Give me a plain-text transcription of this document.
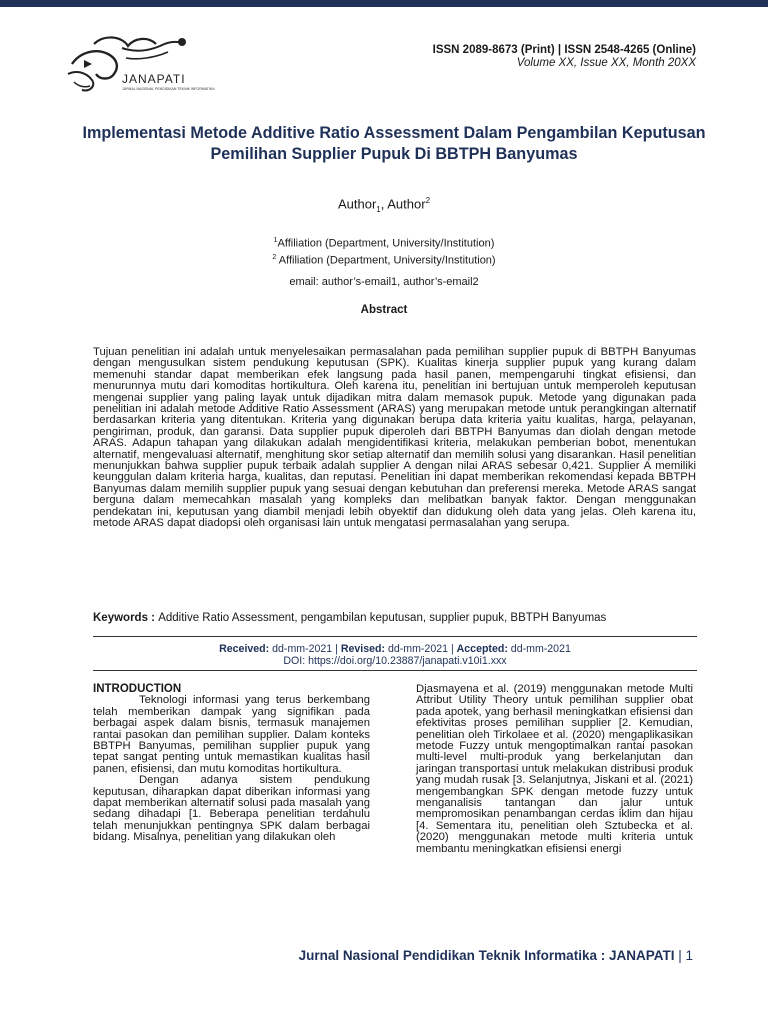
JANAPATI
JURNAL NASIONAL PENDIDIKAN TEKNIK INFORMATIKA
ISSN 2089-8673 (Print) | ISSN 2548-4265 (Online)
Volume XX, Issue XX, Month 20XX
Implementasi Metode Additive Ratio Assessment Dalam Pengambilan Keputusan Pemilihan Supplier Pupuk Di BBTPH Banyumas
Author$_1$, Author$^2$
$^1$Affiliation (Department, University/Institution)
$^2$ Affiliation (Department, University/Institution)
email: author’s-email1, author’s-email2
Abstract
Tujuan penelitian ini adalah untuk menyelesaikan permasalahan pada pemilihan supplier pupuk di BBTPH Banyumas dengan mengusulkan sistem pendukung keputusan (SPK). Kualitas kinerja supplier pupuk yang kurang dalam memenuhi standar dapat memberikan efek langsung pada hasil panen, mempengaruhi tingkat efisiensi, dan menurunnya mutu dari komoditas hortikultura. Oleh karena itu, penelitian ini bertujuan untuk memperoleh keputusan mengenai supplier yang paling layak untuk dijadikan mitra dalam memasok pupuk. Metode yang digunakan pada penelitian ini adalah metode Additive Ratio Assessment (ARAS) yang merupakan metode untuk perangkingan alternatif berdasarkan kriteria yang ditentukan. Kriteria yang digunakan berupa data kriteria yaitu kualitas, harga, pelayanan, pengiriman, produk, dan garansi. Data supplier pupuk diperoleh dari BBTPH Banyumas dan diolah dengan metode ARAS. Adapun tahapan yang dilakukan adalah mengidentifikasi kriteria, melakukan pemberian bobot, menentukan alternatif, mengevaluasi alternatif, menghitung skor setiap alternatif dan memilih solusi yang disarankan. Hasil penelitian menunjukkan bahwa supplier pupuk terbaik adalah supplier A dengan nilai ARAS sebesar 0,421. Supplier A memiliki keunggulan dalam kriteria harga, kualitas, dan reputasi. Penelitian ini dapat memberikan rekomendasi kepada BBTPH Banyumas dalam memilih supplier pupuk yang sesuai dengan kebutuhan dan preferensi mereka. Metode ARAS sangat berguna dalam memecahkan masalah yang kompleks dan melibatkan banyak faktor. Dengan menggunakan pendekatan ini, keputusan yang diambil menjadi lebih obyektif dan didukung oleh data yang jelas. Oleh karena itu, metode ARAS dapat diadopsi oleh organisasi lain untuk mengatasi permasalahan yang serupa.
Keywords : Additive Ratio Assessment, pengambilan keputusan, supplier pupuk, BBTPH Banyumas
Received: dd-mm-2021 | Revised: dd-mm-2021 | Accepted: dd-mm-2021
DOI: https://doi.org/10.23887/janapati.v10i1.xxx
INTRODUCTION

Teknologi informasi yang terus berkembang telah memberikan dampak yang signifikan pada berbagai aspek dalam bisnis, termasuk manajemen rantai pasokan dan pemilihan supplier. Dalam konteks BBTPH Banyumas, pemilihan supplier pupuk yang tepat sangat penting untuk memastikan kualitas hasil panen, efisiensi, dan mutu komoditas hortikultura.

Dengan adanya sistem pendukung keputusan, diharapkan dapat diberikan informasi yang dapat memberikan alternatif solusi pada masalah yang sedang dihadapi [1. Beberapa penelitian terdahulu telah menunjukkan pentingnya SPK dalam berbagai bidang. Misalnya, penelitian yang dilakukan oleh

Djasmayena et al. (2019) menggunakan metode Multi Attribut Utility Theory untuk pemilihan supplier obat pada apotek, yang berhasil meningkatkan efisiensi dan efektivitas proses pemilihan supplier [2. Kemudian, penelitian oleh Tirkolaee et al. (2020) mengaplikasikan metode Fuzzy untuk mengoptimalkan rantai pasokan multi-level multi-produk yang berkelanjutan dan jaringan transportasi untuk melakukan distribusi produk yang mudah rusak [3. Selanjutnya, Jiskani et al. (2021) mengembangkan SPK dengan metode fuzzy untuk menganalisis tantangan dan jalur untuk mempromosikan penambangan cerdas iklim dan hijau [4. Sementara itu, penelitian oleh Sztubecka et al. (2020) menggunakan metode multi kriteria untuk membantu meningkatkan efisiensi energi

Jurnal Nasional Pendidikan Teknik Informatika : JANAPATI | 1
